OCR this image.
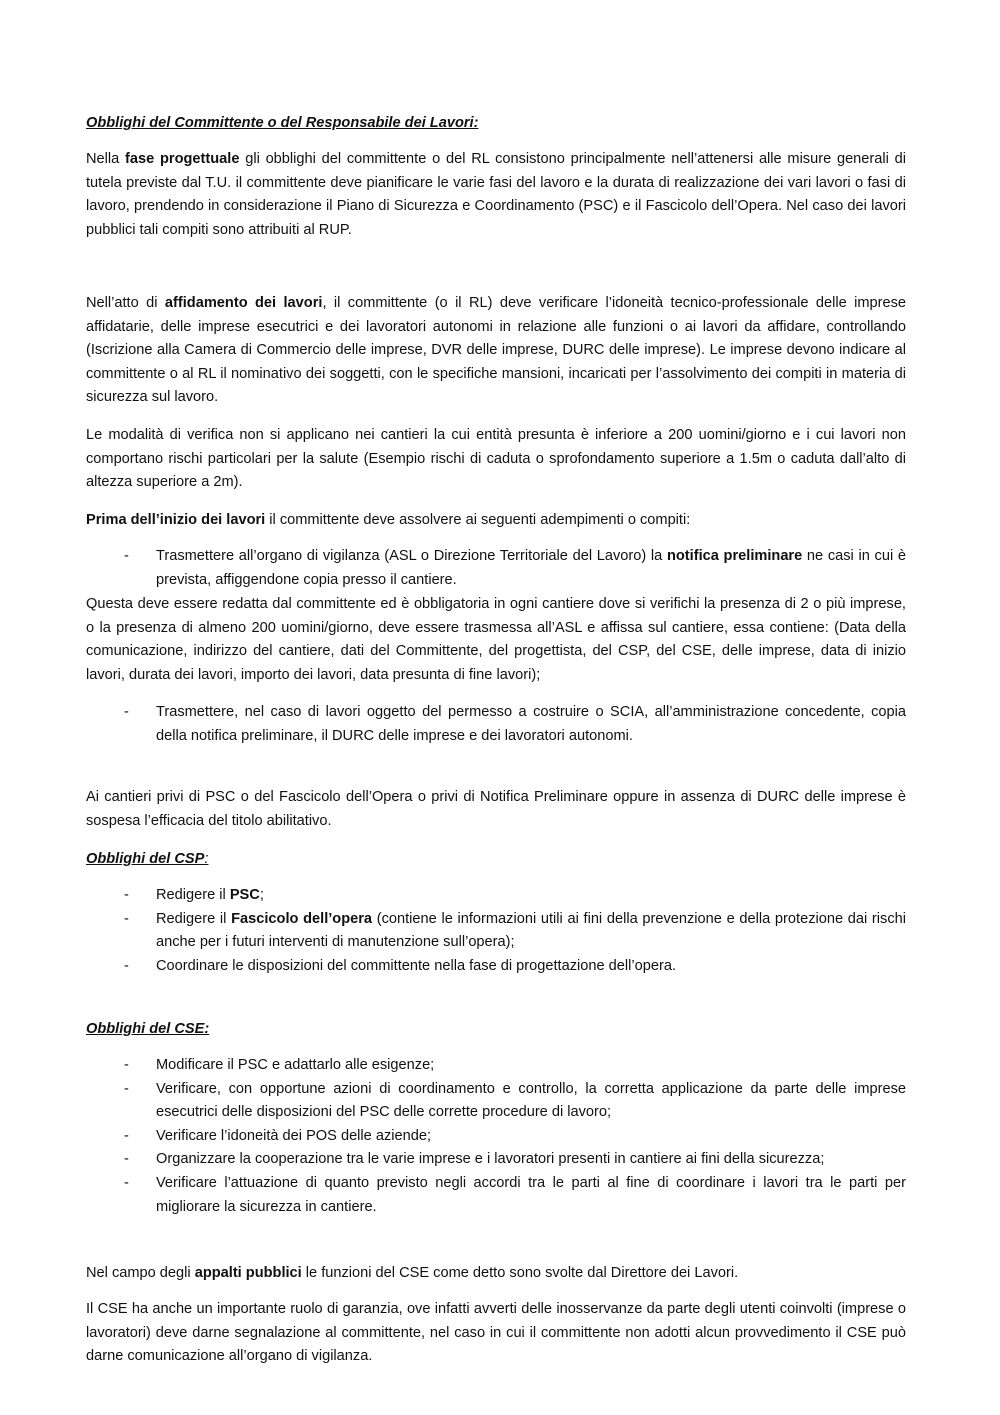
Obblighi del Committente o del Responsabile dei Lavori:

Nella fase progettuale gli obblighi del committente o del RL consistono principalmente nell’attenersi alle misure generali di tutela previste dal T.U. il committente deve pianificare le varie fasi del lavoro e la durata di realizzazione dei vari lavori o fasi di lavoro, prendendo in considerazione il Piano di Sicurezza e Coordinamento (PSC) e il Fascicolo dell’Opera. Nel caso dei lavori pubblici tali compiti sono attribuiti al RUP.

Nell’atto di affidamento dei lavori, il committente (o il RL) deve verificare l’idoneità tecnico-professionale delle imprese affidatarie, delle imprese esecutrici e dei lavoratori autonomi in relazione alle funzioni o ai lavori da affidare, controllando (Iscrizione alla Camera di Commercio delle imprese, DVR delle imprese, DURC delle imprese). Le imprese devono indicare al committente o al RL il nominativo dei soggetti, con le specifiche mansioni, incaricati per l’assolvimento dei compiti in materia di sicurezza sul lavoro.

Le modalità di verifica non si applicano nei cantieri la cui entità presunta è inferiore a 200 uomini/giorno e i cui lavori non comportano rischi particolari per la salute (Esempio rischi di caduta o sprofondamento superiore a 1.5m o caduta dall’alto di altezza superiore a 2m).

Prima dell’inizio dei lavori il committente deve assolvere ai seguenti adempimenti o compiti:

- Trasmettere all’organo di vigilanza (ASL o Direzione Territoriale del Lavoro) la notifica preliminare ne casi in cui è prevista, affiggendone copia presso il cantiere.

Questa deve essere redatta dal committente ed è obbligatoria in ogni cantiere dove si verifichi la presenza di 2 o più imprese, o la presenza di almeno 200 uomini/giorno, deve essere trasmessa all’ASL e affissa sul cantiere, essa contiene: (Data della comunicazione, indirizzo del cantiere, dati del Committente, del progettista, del CSP, del CSE, delle imprese, data di inizio lavori, durata dei lavori, importo dei lavori, data presunta di fine lavori);

- Trasmettere, nel caso di lavori oggetto del permesso a costruire o SCIA, all’amministrazione concedente, copia della notifica preliminare, il DURC delle imprese e dei lavoratori autonomi.

Ai cantieri privi di PSC o del Fascicolo dell’Opera o privi di Notifica Preliminare oppure in assenza di DURC delle imprese è sospesa l’efficacia del titolo abilitativo.

Obblighi del CSP:

- Redigere il PSC;
- Redigere il Fascicolo dell’opera (contiene le informazioni utili ai fini della prevenzione e della protezione dai rischi anche per i futuri interventi di manutenzione sull’opera);
- Coordinare le disposizioni del committente nella fase di progettazione dell’opera.

Obblighi del CSE:

- Modificare il PSC e adattarlo alle esigenze;
- Verificare, con opportune azioni di coordinamento e controllo, la corretta applicazione da parte delle imprese esecutrici delle disposizioni del PSC delle corrette procedure di lavoro;
- Verificare l’idoneità dei POS delle aziende;
- Organizzare la cooperazione tra le varie imprese e i lavoratori presenti in cantiere ai fini della sicurezza;
- Verificare l’attuazione di quanto previsto negli accordi tra le parti al fine di coordinare i lavori tra le parti per migliorare la sicurezza in cantiere.

Nel campo degli appalti pubblici le funzioni del CSE come detto sono svolte dal Direttore dei Lavori.

Il CSE ha anche un importante ruolo di garanzia, ove infatti avverti delle inosservanze da parte degli utenti coinvolti (imprese o lavoratori) deve darne segnalazione al committente, nel caso in cui il committente non adotti alcun provvedimento il CSE può darne comunicazione all’organo di vigilanza.
